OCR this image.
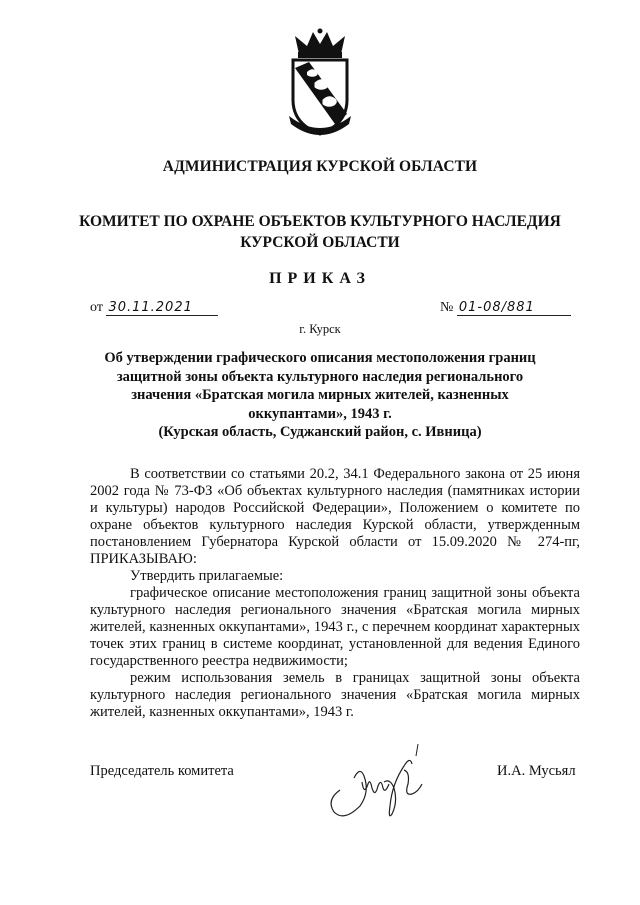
АДМИНИСТРАЦИЯ КУРСКОЙ ОБЛАСТИ
КОМИТЕТ ПО ОХРАНЕ ОБЪЕКТОВ КУЛЬТУРНОГО НАСЛЕДИЯ
КУРСКОЙ ОБЛАСТИ
ПРИКАЗ
от 30.11.2021	№ 01-08/881
г. Курск
Об утверждении графического описания местоположения границ
защитной зоны объекта культурного наследия регионального
значения «Братская могила мирных жителей, казненных
оккупантами», 1943 г.
(Курская область, Суджанский район, с. Ивница)

В соответствии со статьями 20.2, 34.1 Федерального закона от 25 июня 2002 года № 73-ФЗ «Об объектах культурного наследия (памятниках истории и культуры) народов Российской Федерации», Положением о комитете по охране объектов культурного наследия Курской области, утвержденным постановлением Губернатора Курской области от 15.09.2020 № 274-пг, ПРИКАЗЫВАЮ:

Утвердить прилагаемые:

графическое описание местоположения границ защитной зоны объекта культурного наследия регионального значения «Братская могила мирных жителей, казненных оккупантами», 1943 г., с перечнем координат характерных точек этих границ в системе координат, установленной для ведения Единого государственного реестра недвижимости;

режим использования земель в границах защитной зоны объекта культурного наследия регионального значения «Братская могила мирных жителей, казненных оккупантами», 1943 г.

Председатель комитета	И.А. Мусьял
